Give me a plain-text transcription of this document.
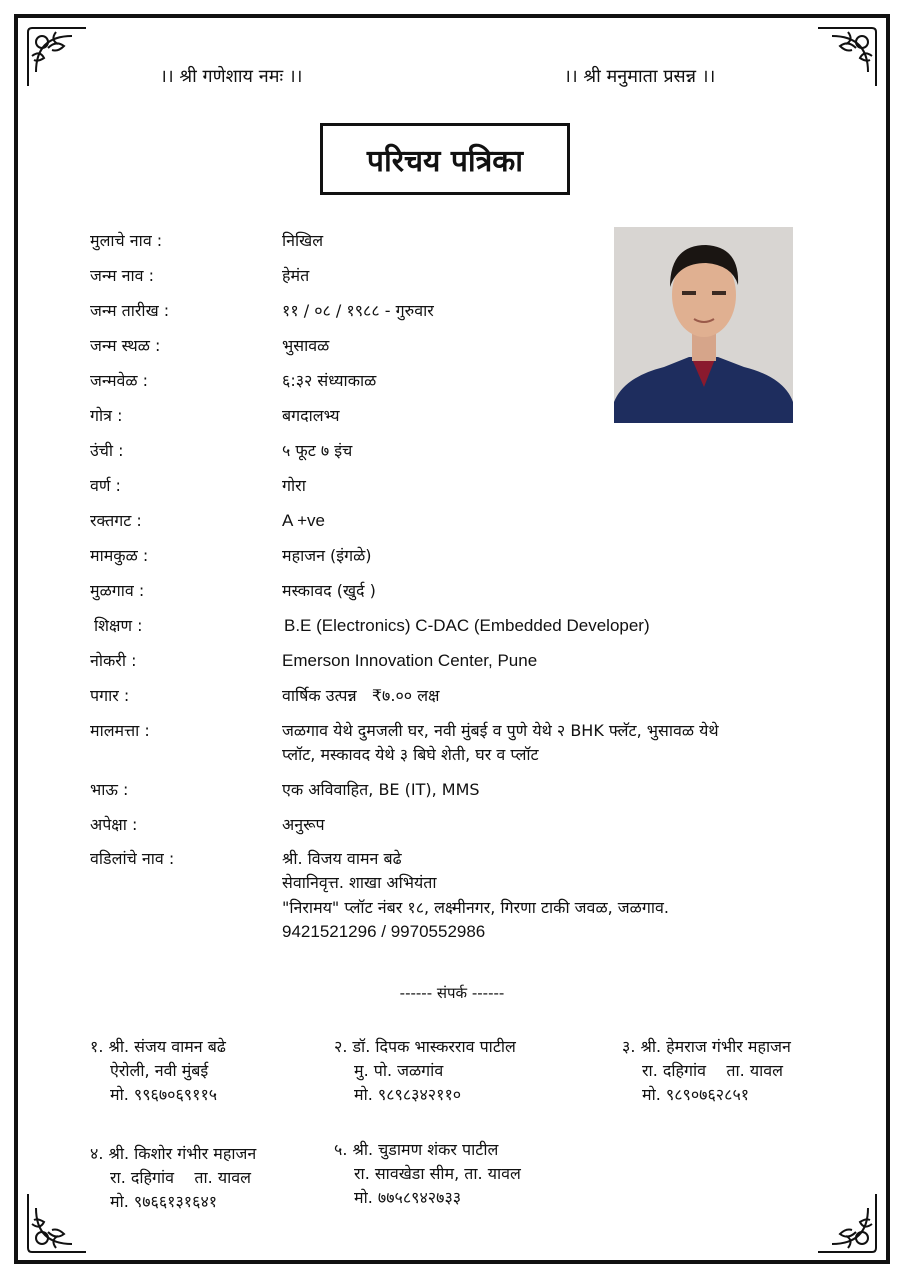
।। श्री गणेशाय नमः ।।	।। श्री मनुमाता प्रसन्न ।।
परिचय पत्रिका
मुलाचे नाव :	निखिल
जन्म नाव :	हेमंत
जन्म तारीख :	११ / ०८ / १९८८ - गुरुवार
जन्म स्थळ :	भुसावळ
जन्मवेळ :	६:३२ संध्याकाळ
गोत्र :	बगदालभ्य
उंची :	५ फूट ७ इंच
वर्ण :	गोरा
रक्तगट :	A +ve
मामकुळ :	महाजन (इंगळे)
मुळगाव :	मस्कावद (खुर्द )
शिक्षण :	B.E (Electronics) C-DAC (Embedded Developer)
नोकरी :	Emerson Innovation Center, Pune
पगार :	वार्षिक उत्पन्न   ₹७.०० लक्ष
मालमत्ता :	जळगाव येथे दुमजली घर, नवी मुंबई व पुणे येथे २ BHK फ्लॅट, भुसावळ येथे
प्लॉट, मस्कावद येथे ३ बिघे शेती, घर व प्लॉट
भाऊ :	एक अविवाहित, BE (IT), MMS
अपेक्षा :	अनुरूप
वडिलांचे नाव :	श्री. विजय वामन बढे
सेवानिवृत्त. शाखा अभियंता
"निरामय" प्लॉट नंबर १८, लक्ष्मीनगर, गिरणा टाकी जवळ, जळगाव.
9421521296 / 9970552986
------ संपर्क ------
१. श्री. संजय वामन बढे
ऐरोली, नवी मुंबई
मो. ९९६७०६९११५
२. डॉ. दिपक भास्करराव पाटील
मु. पो. जळगांव
मो. ९८९८३४२११०
३. श्री. हेमराज गंभीर महाजन
रा. दहिगांव    ता. यावल
मो. ९८९०७६२८५१
४. श्री. किशोर गंभीर महाजन
रा. दहिगांव    ता. यावल
मो. ९७६६१३१६४१
५. श्री. चुडामण शंकर पाटील
रा. सावखेडा सीम, ता. यावल
मो. ७७५८९४२७३३
